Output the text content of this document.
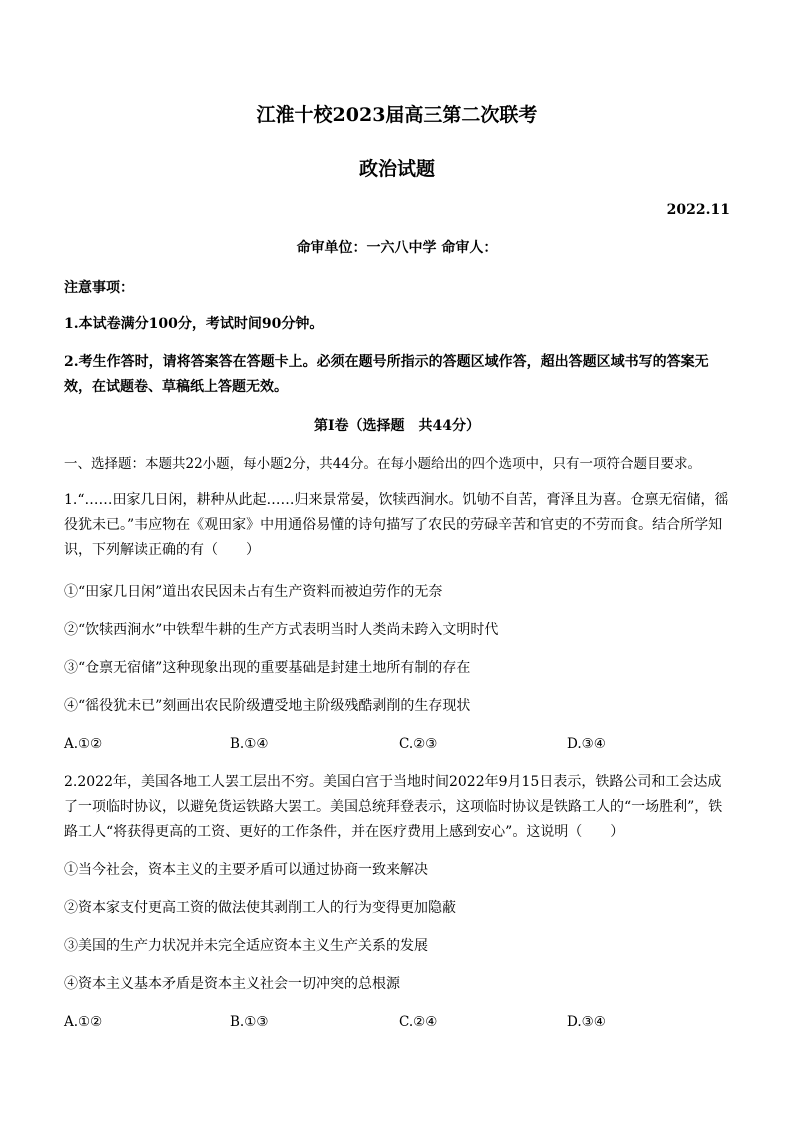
江淮十校2023届高三第二次联考
政治试题
2022.11
命审单位：一六八中学 命审人：
注意事项：
1.本试卷满分100分，考试时间90分钟。
2.考生作答时，请将答案答在答题卡上。必须在题号所指示的答题区域作答，超出答题区域书写的答案无效，在试题卷、草稿纸上答题无效。
第Ⅰ卷（选择题　共44分）
一、选择题：本题共22小题，每小题2分，共44分。在每小题给出的四个选项中，只有一项符合题目要求。
1.“……田家几日闲，耕种从此起……归来景常晏，饮犊西涧水。饥劬不自苦，膏泽且为喜。仓禀无宿储，徭役犹未已。”韦应物在《观田家》中用通俗易懂的诗句描写了农民的劳碌辛苦和官吏的不劳而食。结合所学知识，下列解读正确的有（　　）
①“田家几日闲”道出农民因未占有生产资料而被迫劳作的无奈
②“饮犊西涧水”中铁犁牛耕的生产方式表明当时人类尚未跨入文明时代
③“仓禀无宿储”这种现象出现的重要基础是封建土地所有制的存在
④“徭役犹未已”刻画出农民阶级遭受地主阶级残酷剥削的生存现状
A.①②	B.①④	C.②③	D.③④
2.2022年，美国各地工人罢工层出不穷。美国白宫于当地时间2022年9月15日表示，铁路公司和工会达成了一项临时协议，以避免货运铁路大罢工。美国总统拜登表示，这项临时协议是铁路工人的“一场胜利”，铁路工人“将获得更高的工资、更好的工作条件，并在医疗费用上感到安心”。这说明（　　）
①当今社会，资本主义的主要矛盾可以通过协商一致来解决
②资本家支付更高工资的做法使其剥削工人的行为变得更加隐蔽
③美国的生产力状况并未完全适应资本主义生产关系的发展
④资本主义基本矛盾是资本主义社会一切冲突的总根源
A.①②	B.①③	C.②④	D.③④
